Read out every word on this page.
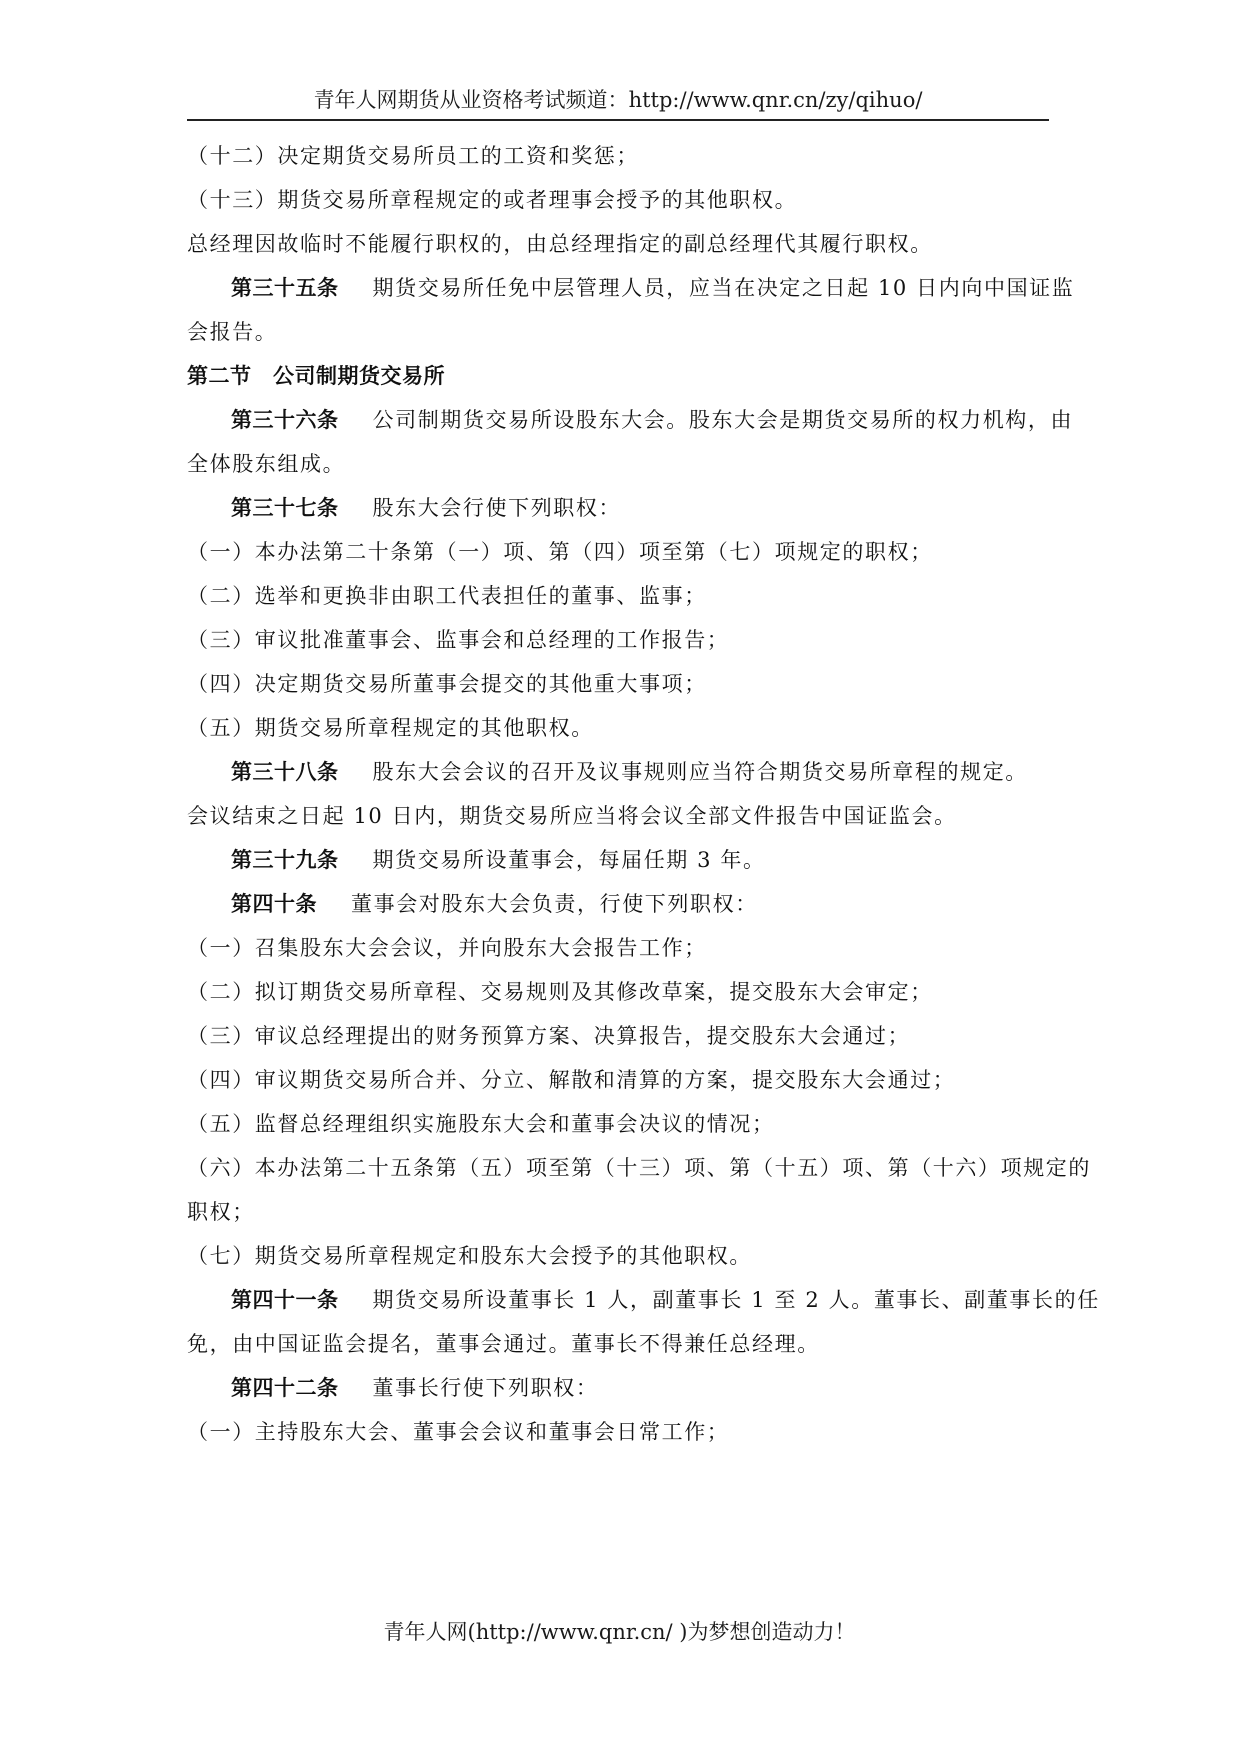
青年人网期货从业资格考试频道：http://www.qnr.cn/zy/qihuo/
（十二）决定期货交易所员工的工资和奖惩；
（十三）期货交易所章程规定的或者理事会授予的其他职权。
总经理因故临时不能履行职权的，由总经理指定的副总经理代其履行职权。
第三十五条 期货交易所任免中层管理人员，应当在决定之日起 10 日内向中国证监
会报告。
第二节　公司制期货交易所
第三十六条 公司制期货交易所设股东大会。股东大会是期货交易所的权力机构，由
全体股东组成。
第三十七条 股东大会行使下列职权：
（一）本办法第二十条第（一）项、第（四）项至第（七）项规定的职权；
（二）选举和更换非由职工代表担任的董事、监事；
（三）审议批准董事会、监事会和总经理的工作报告；
（四）决定期货交易所董事会提交的其他重大事项；
（五）期货交易所章程规定的其他职权。
第三十八条 股东大会会议的召开及议事规则应当符合期货交易所章程的规定。
会议结束之日起 10 日内，期货交易所应当将会议全部文件报告中国证监会。
第三十九条 期货交易所设董事会，每届任期 3 年。
第四十条 董事会对股东大会负责，行使下列职权：
（一）召集股东大会会议，并向股东大会报告工作；
（二）拟订期货交易所章程、交易规则及其修改草案，提交股东大会审定；
（三）审议总经理提出的财务预算方案、决算报告，提交股东大会通过；
（四）审议期货交易所合并、分立、解散和清算的方案，提交股东大会通过；
（五）监督总经理组织实施股东大会和董事会决议的情况；
（六）本办法第二十五条第（五）项至第（十三）项、第（十五）项、第（十六）项规定的
职权；
（七）期货交易所章程规定和股东大会授予的其他职权。
第四十一条 期货交易所设董事长 1 人，副董事长 1 至 2 人。董事长、副董事长的任
免，由中国证监会提名，董事会通过。董事长不得兼任总经理。
第四十二条 董事长行使下列职权：
（一）主持股东大会、董事会会议和董事会日常工作；
青年人网(http://www.qnr.cn/ )为梦想创造动力！
